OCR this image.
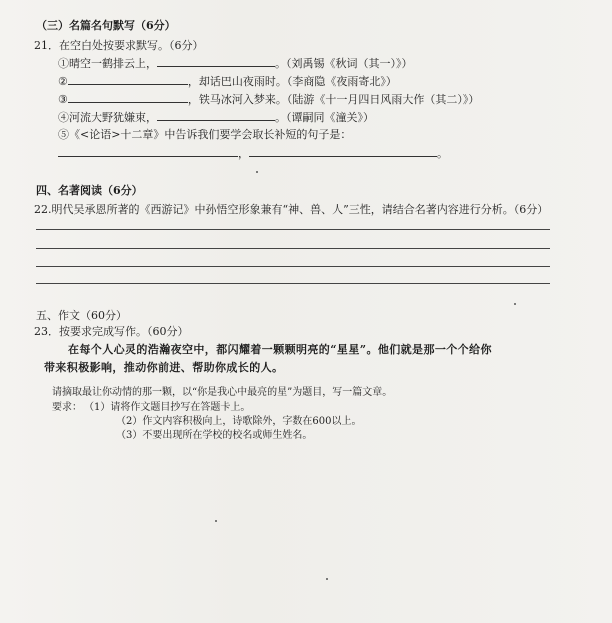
（三）名篇名句默写（6分）
21．在空白处按要求默写。（6分）
①晴空一鹤排云上，	。（刘禹锡《秋词（其一）》）
②	，却话巴山夜雨时。（李商隐《夜雨寄北》）
③	，铁马冰河入梦来。（陆游《十一月四日风雨大作（其二）》）
④河流大野犹嫌束，	。（谭嗣同《潼关》）
⑤《<论语>十二章》中告诉我们要学会取长补短的句子是：
，	。
四、名著阅读（6分）
22.明代吴承恩所著的《西游记》中孙悟空形象兼有“神、兽、人”三性，请结合名著内容进行分析。（6分）
五、作文（60分）
23．按要求完成写作。（60分）
在每个人心灵的浩瀚夜空中，都闪耀着一颗颗明亮的“星星”。他们就是那一个个给你
带来积极影响，推动你前进、帮助你成长的人。
请摘取最让你动情的那一颗，以“你是我心中最亮的星”为题目，写一篇文章。
要求： （1）请将作文题目抄写在答题卡上。
（2）作文内容积极向上，诗歌除外，字数在600以上。
（3）不要出现所在学校的校名或师生姓名。
